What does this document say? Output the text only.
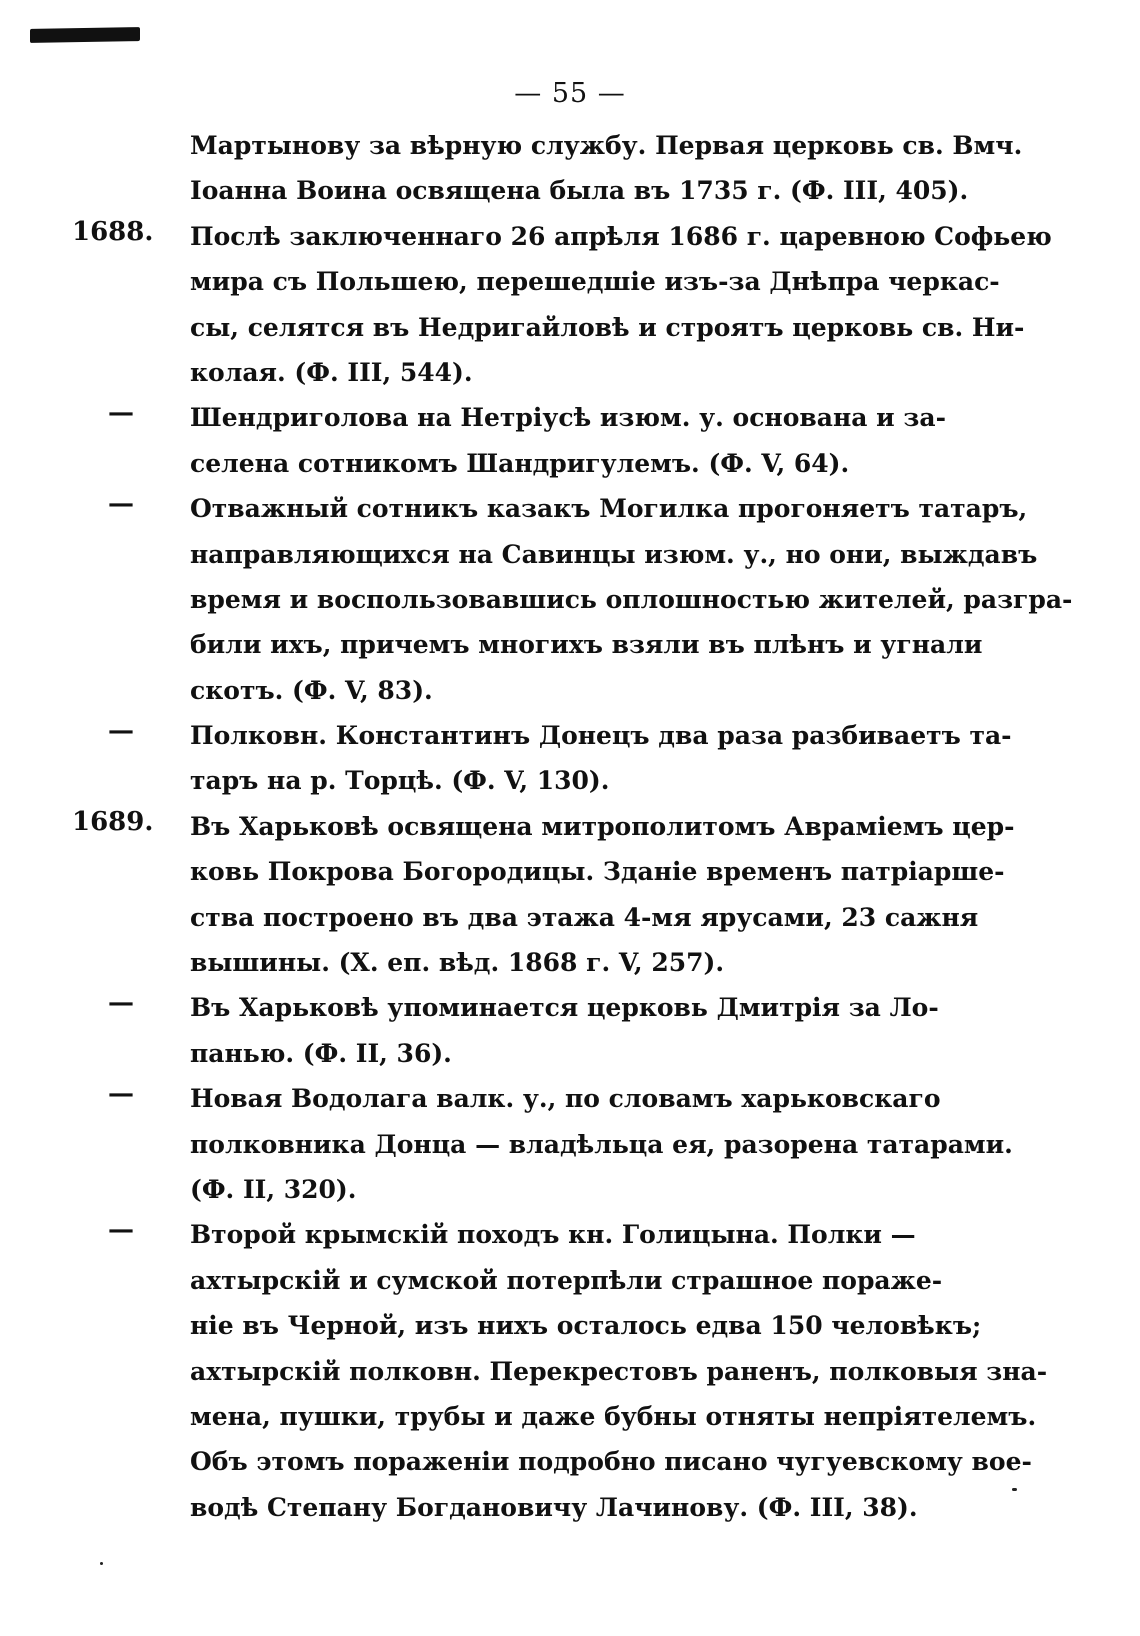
— 55 —
Мартынову за вѣрную службу. Первая церковь св. Вмч.
Іоанна Воина освящена была въ 1735 г. (Ф. III, 405).
1688.	Послѣ заключеннаго 26 апрѣля 1686 г. царевною Софьею
мира съ Польшею, перешедшіе изъ-за Днѣпра черкас-
сы, селятся въ Недригайловѣ и строятъ церковь св. Ни-
колая. (Ф. III, 544).
—	Шендриголова на Нетріусѣ изюм. у. основана и за-
селена сотникомъ Шандригулемъ. (Ф. V, 64).
—	Отважный сотникъ казакъ Могилка прогоняетъ татаръ,
направляющихся на Савинцы изюм. у., но они, выждавъ
время и воспользовавшись оплошностью жителей, разгра-
били ихъ, причемъ многихъ взяли въ плѣнъ и угнали
скотъ. (Ф. V, 83).
—	Полковн. Константинъ Донецъ два раза разбиваетъ та-
таръ на р. Торцѣ. (Ф. V, 130).
1689.	Въ Харьковѣ освящена митрополитомъ Авраміемъ цер-
ковь Покрова Богородицы. Зданіе временъ патріарше-
ства построено въ два этажа 4-мя ярусами, 23 сажня
вышины. (Х. еп. вѣд. 1868 г. V, 257).
—	Въ Харьковѣ упоминается церковь Дмитрія за Ло-
панью. (Ф. II, 36).
—	Новая Водолага валк. у., по словамъ харьковскаго
полковника Донца — владѣльца ея, разорена татарами.
(Ф. II, 320).
—	Второй крымскій походъ кн. Голицына. Полки —
ахтырскій и сумской потерпѣли страшное пораже-
ніе въ Черной, изъ нихъ осталось едва 150 человѣкъ;
ахтырскій полковн. Перекрестовъ раненъ, полковыя зна-
мена, пушки, трубы и даже бубны отняты непріятелемъ.
Объ этомъ пораженіи подробно писано чугуевскому вое-
водѣ Степану Богдановичу Лачинову. (Ф. III, 38).
